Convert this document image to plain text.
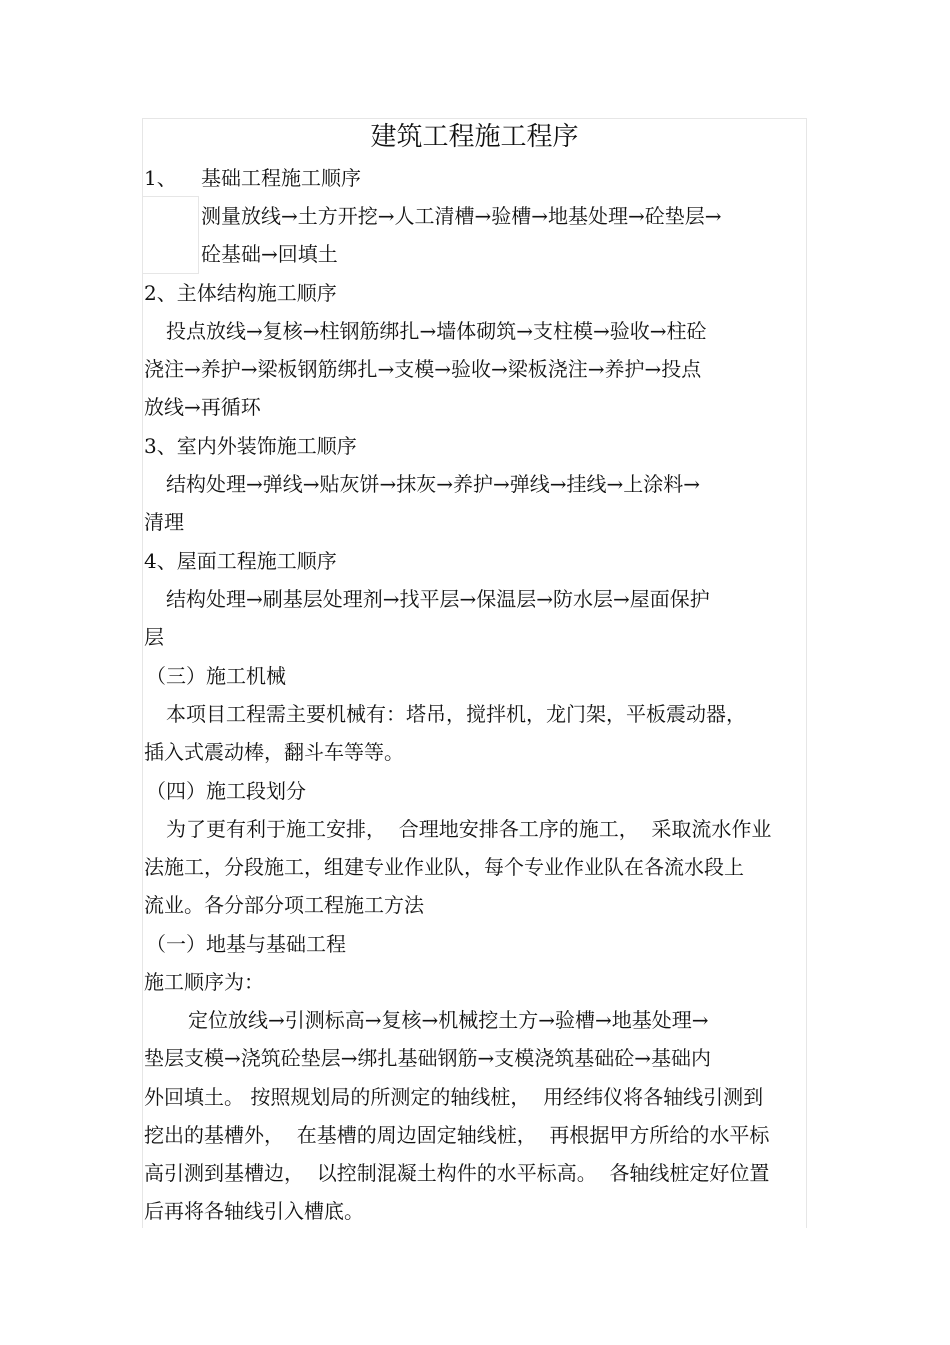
建筑工程施工程序
1、 基础工程施工顺序
测量放线→土方开挖→人工清槽→验槽→地基处理→砼垫层→
砼基础→回填土
2、主体结构施工顺序
投点放线→复核→柱钢筋绑扎→墙体砌筑→支柱模→验收→柱砼
浇注→养护→梁板钢筋绑扎→支模→验收→梁板浇注→养护→投点
放线→再循环
3、室内外装饰施工顺序
结构处理→弹线→贴灰饼→抹灰→养护→弹线→挂线→上涂料→
清理
4、屋面工程施工顺序
结构处理→刷基层处理剂→找平层→保温层→防水层→屋面保护
层
（三）施工机械
本项目工程需主要机械有：塔吊，搅拌机，龙门架，平板震动器，
插入式震动棒，翻斗车等等。
（四）施工段划分
为了更有利于施工安排，  合理地安排各工序的施工，  采取流水作业
法施工，分段施工，组建专业作业队，每个专业作业队在各流水段上
流业。各分部分项工程施工方法
（一）地基与基础工程
施工顺序为：
定位放线→引测标高→复核→机械挖土方→验槽→地基处理→
垫层支模→浇筑砼垫层→绑扎基础钢筋→支模浇筑基础砼→基础内
外回填土。 按照规划局的所测定的轴线桩，  用经纬仪将各轴线引测到
挖出的基槽外，  在基槽的周边固定轴线桩，  再根据甲方所给的水平标
高引测到基槽边，  以控制混凝土构件的水平标高。  各轴线桩定好位置
后再将各轴线引入槽底。
